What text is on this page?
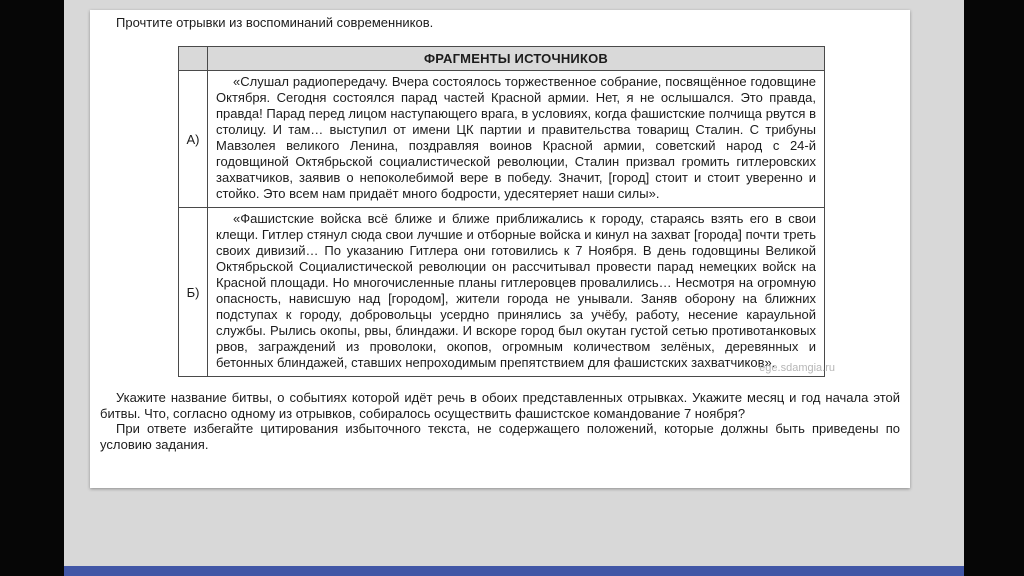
Прочтите отрывки из воспоминаний современников.

	ФРАГМЕНТЫ ИСТОЧНИКОВ
А)	«Слушал радиопередачу. Вчера состоялось торжественное собрание, посвящённое годовщине Октября. Сегодня состоялся парад частей Красной армии. Нет, я не ослышался. Это правда, правда! Парад перед лицом наступающего врага, в условиях, когда фашистские полчища рвутся в столицу. И там… выступил от имени ЦК партии и правительства товарищ Сталин. С трибуны Мавзолея великого Ленина, поздравляя воинов Красной армии, советский народ с 24-й годовщиной Октябрьской социалистической революции, Сталин призвал громить гитлеровских захватчиков, заявив о непоколебимой вере в победу. Значит, [город] стоит и стоит уверенно и стойко. Это всем нам придаёт много бодрости, удесятеряет наши силы».
Б)	«Фашистские войска всё ближе и ближе приближались к городу, стараясь взять его в свои клещи. Гитлер стянул сюда свои лучшие и отборные войска и кинул на захват [города] почти треть своих дивизий… По указанию Гитлера они готовились к 7 Ноября. В день годовщины Великой Октябрьской Социалистической революции он рассчитывал провести парад немецких войск на Красной площади. Но многочисленные планы гитлеровцев провалились… Несмотря на огромную опасность, нависшую над [городом], жители города не унывали. Заняв оборону на ближних подступах к городу, добровольцы усердно принялись за учёбу, работу, несение караульной службы. Рылись окопы, рвы, блиндажи. И вскоре город был окутан густой сетью противотанковых рвов, заграждений из проволоки, окопов, огромным количеством зелёных, деревянных и бетонных блиндажей, ставших непроходимым препятствием для фашистских захватчиков».
ege.sdamgia.ru

Укажите название битвы, о событиях которой идёт речь в обоих представленных отрывках. Укажите месяц и год начала этой битвы. Что, согласно одному из отрывков, собиралось осуществить фашистское командование 7 ноября?

При ответе избегайте цитирования избыточного текста, не содержащего положений, которые должны быть приведены по условию задания.
